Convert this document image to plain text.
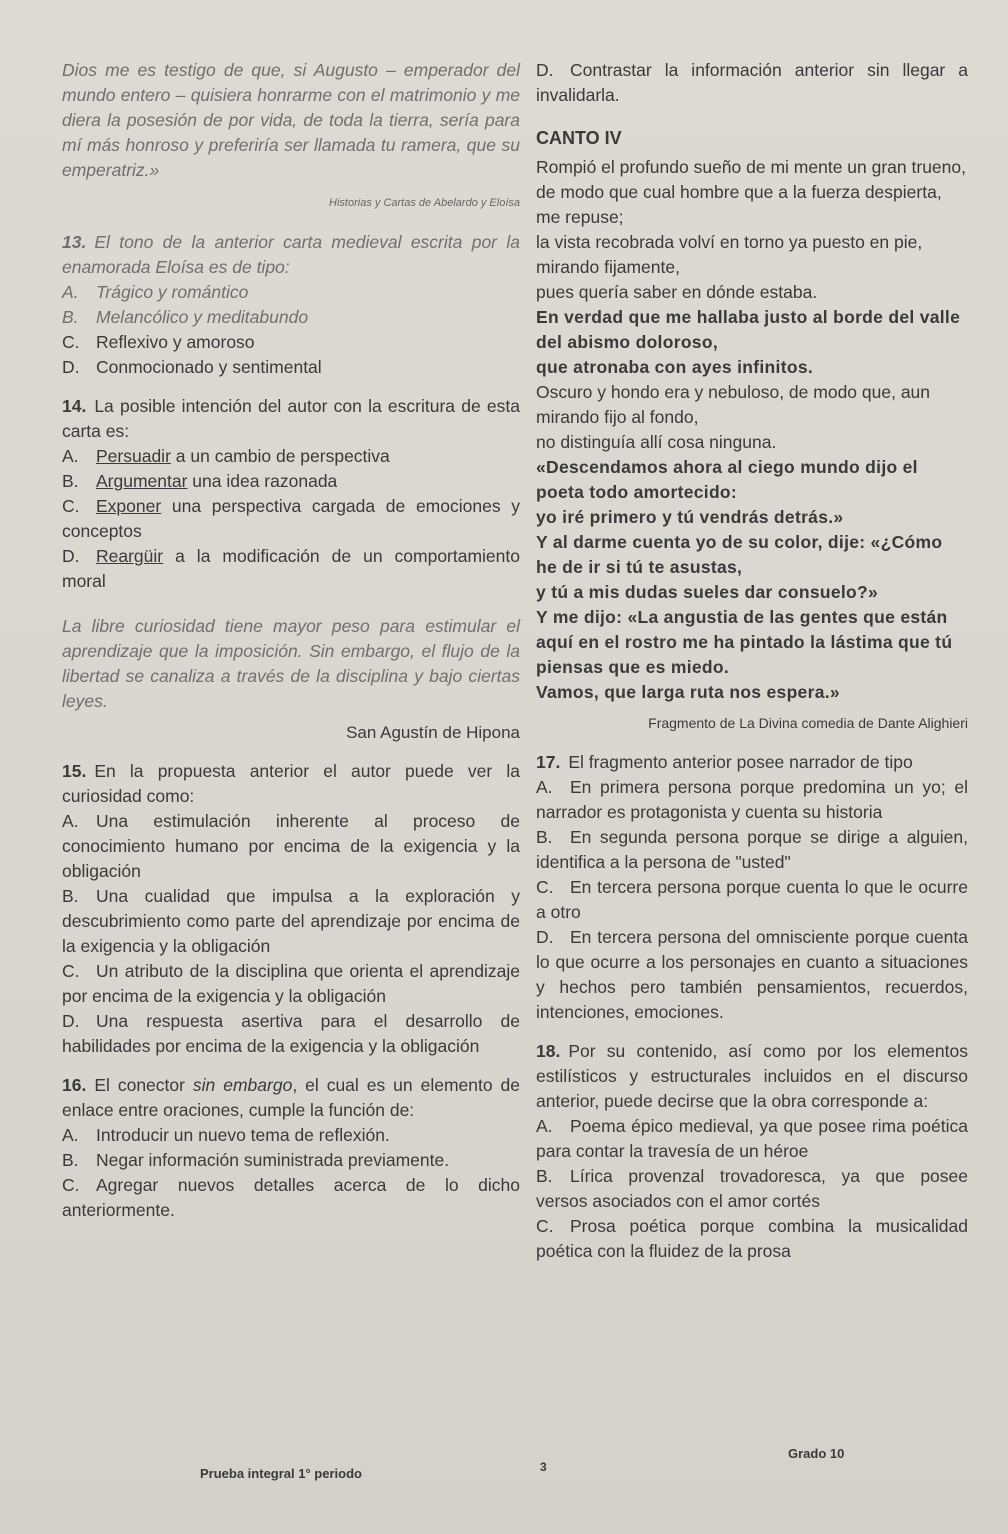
Dios me es testigo de que, si Augusto – emperador del mundo entero – quisiera honrarme con el matrimonio y me diera la posesión de por vida, de toda la tierra, sería para mí más honroso y preferiría ser llamada tu ramera, que su emperatriz.»

Historias y Cartas de Abelardo y Eloísa

13. El tono de la anterior carta medieval escrita por la enamorada Eloísa es de tipo:

A. Trágico y romántico

B. Melancólico y meditabundo

C. Reflexivo y amoroso

D. Conmocionado y sentimental

14. La posible intención del autor con la escritura de esta carta es:

A. Persuadir a un cambio de perspectiva

B. Argumentar una idea razonada

C. Exponer una perspectiva cargada de emociones y conceptos

D. Reargüir a la modificación de un comportamiento moral

La libre curiosidad tiene mayor peso para estimular el aprendizaje que la imposición. Sin embargo, el flujo de la libertad se canaliza a través de la disciplina y bajo ciertas leyes.

San Agustín de Hipona

15. En la propuesta anterior el autor puede ver la curiosidad como:

A. Una estimulación inherente al proceso de conocimiento humano por encima de la exigencia y la obligación

B. Una cualidad que impulsa a la exploración y descubrimiento como parte del aprendizaje por encima de la exigencia y la obligación

C. Un atributo de la disciplina que orienta el aprendizaje por encima de la exigencia y la obligación

D. Una respuesta asertiva para el desarrollo de habilidades por encima de la exigencia y la obligación

16. El conector sin embargo, el cual es un elemento de enlace entre oraciones, cumple la función de:

A. Introducir un nuevo tema de reflexión.

B. Negar información suministrada previamente.

C. Agregar nuevos detalles acerca de lo dicho anteriormente.

D. Contrastar la información anterior sin llegar a invalidarla.

CANTO IV

Rompió el profundo sueño de mi mente un gran trueno,

de modo que cual hombre que a la fuerza despierta, me repuse;

la vista recobrada volví en torno ya puesto en pie, mirando fijamente,

pues quería saber en dónde estaba.

En verdad que me hallaba justo al borde del valle del abismo doloroso,

que atronaba con ayes infinitos.

Oscuro y hondo era y nebuloso, de modo que, aun mirando fijo al fondo,

no distinguía allí cosa ninguna.

«Descendamos ahora al ciego mundo dijo el poeta todo amortecido:

yo iré primero y tú vendrás detrás.»

Y al darme cuenta yo de su color, dije: «¿Cómo he de ir si tú te asustas,

y tú a mis dudas sueles dar consuelo?»

Y me dijo: «La angustia de las gentes que están aquí en el rostro me ha pintado la lástima que tú piensas que es miedo.

Vamos, que larga ruta nos espera.»

Fragmento de La Divina comedia de Dante Alighieri

17. El fragmento anterior posee narrador de tipo

A. En primera persona porque predomina un yo; el narrador es protagonista y cuenta su historia

B. En segunda persona porque se dirige a alguien, identifica a la persona de "usted"

C. En tercera persona porque cuenta lo que le ocurre a otro

D. En tercera persona del omnisciente porque cuenta lo que ocurre a los personajes en cuanto a situaciones y hechos pero también pensamientos, recuerdos, intenciones, emociones.

18. Por su contenido, así como por los elementos estilísticos y estructurales incluidos en el discurso anterior, puede decirse que la obra corresponde a:

A. Poema épico medieval, ya que posee rima poética para contar la travesía de un héroe

B. Lírica provenzal trovadoresca, ya que posee versos asociados con el amor cortés

C. Prosa poética porque combina la musicalidad poética con la fluidez de la prosa

Prueba integral 1° periodo	3
Grado 10
